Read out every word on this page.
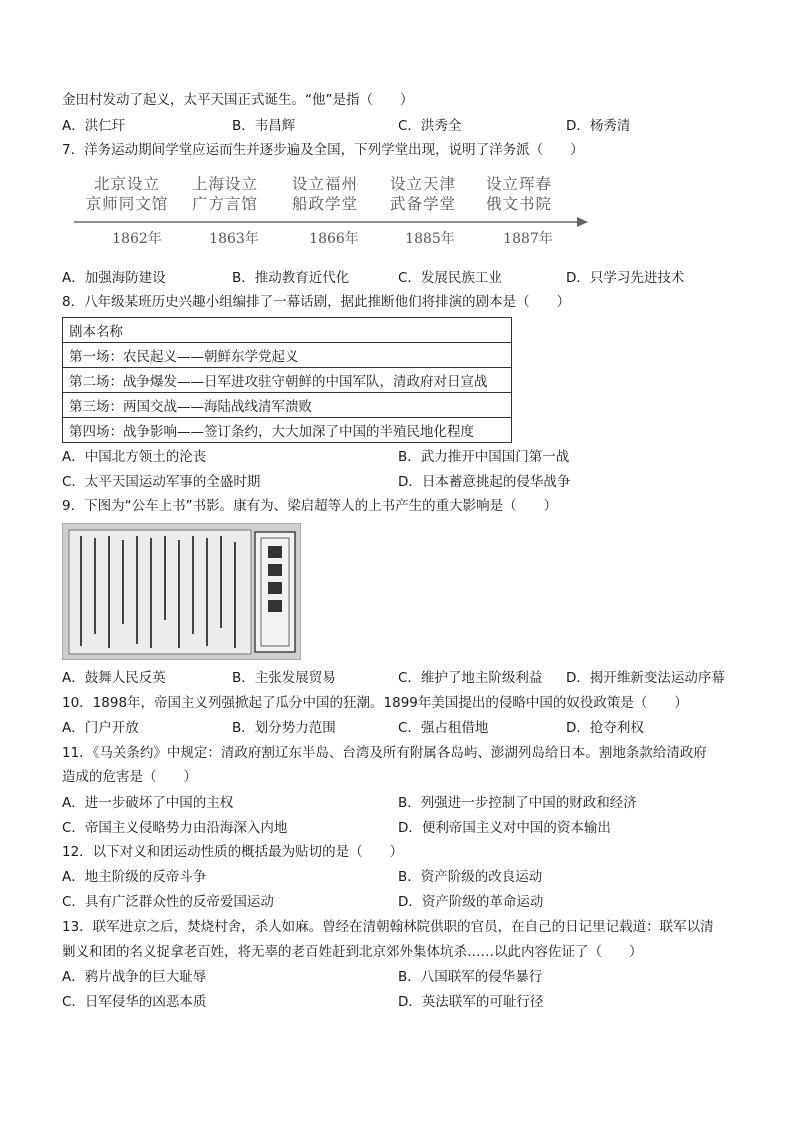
金田村发动了起义，太平天国正式诞生。“他”是指（　　）
A．洪仁玕	B．韦昌辉	C．洪秀全	D．杨秀清
7．洋务运动期间学堂应运而生并逐步遍及全国，下列学堂出现，说明了洋务派（　　）
北京设立
京师同文馆
上海设立
广方言馆
设立福州
船政学堂
设立天津
武备学堂
设立珲春
俄文书院
1862年	1863年	1866年	1885年	1887年
A．加强海防建设	B．推动教育近代化	C．发展民族工业	D．只学习先进技术
8．八年级某班历史兴趣小组编排了一幕话剧，据此推断他们将排演的剧本是（　　）
剧本名称
第一场：农民起义——朝鲜东学党起义
第二场：战争爆发——日军进攻驻守朝鲜的中国军队，清政府对日宣战
第三场：两国交战——海陆战线清军溃败
第四场：战争影响——签订条约，大大加深了中国的半殖民地化程度
A．中国北方领土的沦丧	B．武力推开中国国门第一战
C．太平天国运动军事的全盛时期	D．日本蓄意挑起的侵华战争
9．下图为“公车上书”书影。康有为、梁启超等人的上书产生的重大影响是（　　）
A．鼓舞人民反英	B．主张发展贸易	C．维护了地主阶级利益 D．揭开维新变法运动序幕
10．1898年，帝国主义列强掀起了瓜分中国的狂潮。1899年美国提出的侵略中国的奴役政策是（　　）
A．门户开放	B．划分势力范围	C．强占租借地	D．抢夺利权
11．《马关条约》中规定：清政府割辽东半岛、台湾及所有附属各岛屿、澎湖列岛给日本。割地条款给清政府
造成的危害是（　　）
A．进一步破坏了中国的主权	B．列强进一步控制了中国的财政和经济
C．帝国主义侵略势力由沿海深入内地	D．便利帝国主义对中国的资本输出
12．以下对义和团运动性质的概括最为贴切的是（　　）
A．地主阶级的反帝斗争	B．资产阶级的改良运动
C．具有广泛群众性的反帝爱国运动	D．资产阶级的革命运动
13．联军进京之后，焚烧村舍，杀人如麻。曾经在清朝翰林院供职的官员，在自己的日记里记载道：联军以清
剿义和团的名义捉拿老百姓，将无辜的老百姓赶到北京郊外集体坑杀……以此内容佐证了（　　）
A．鸦片战争的巨大耻辱	B．八国联军的侵华暴行
C．日军侵华的凶恶本质	D．英法联军的可耻行径
